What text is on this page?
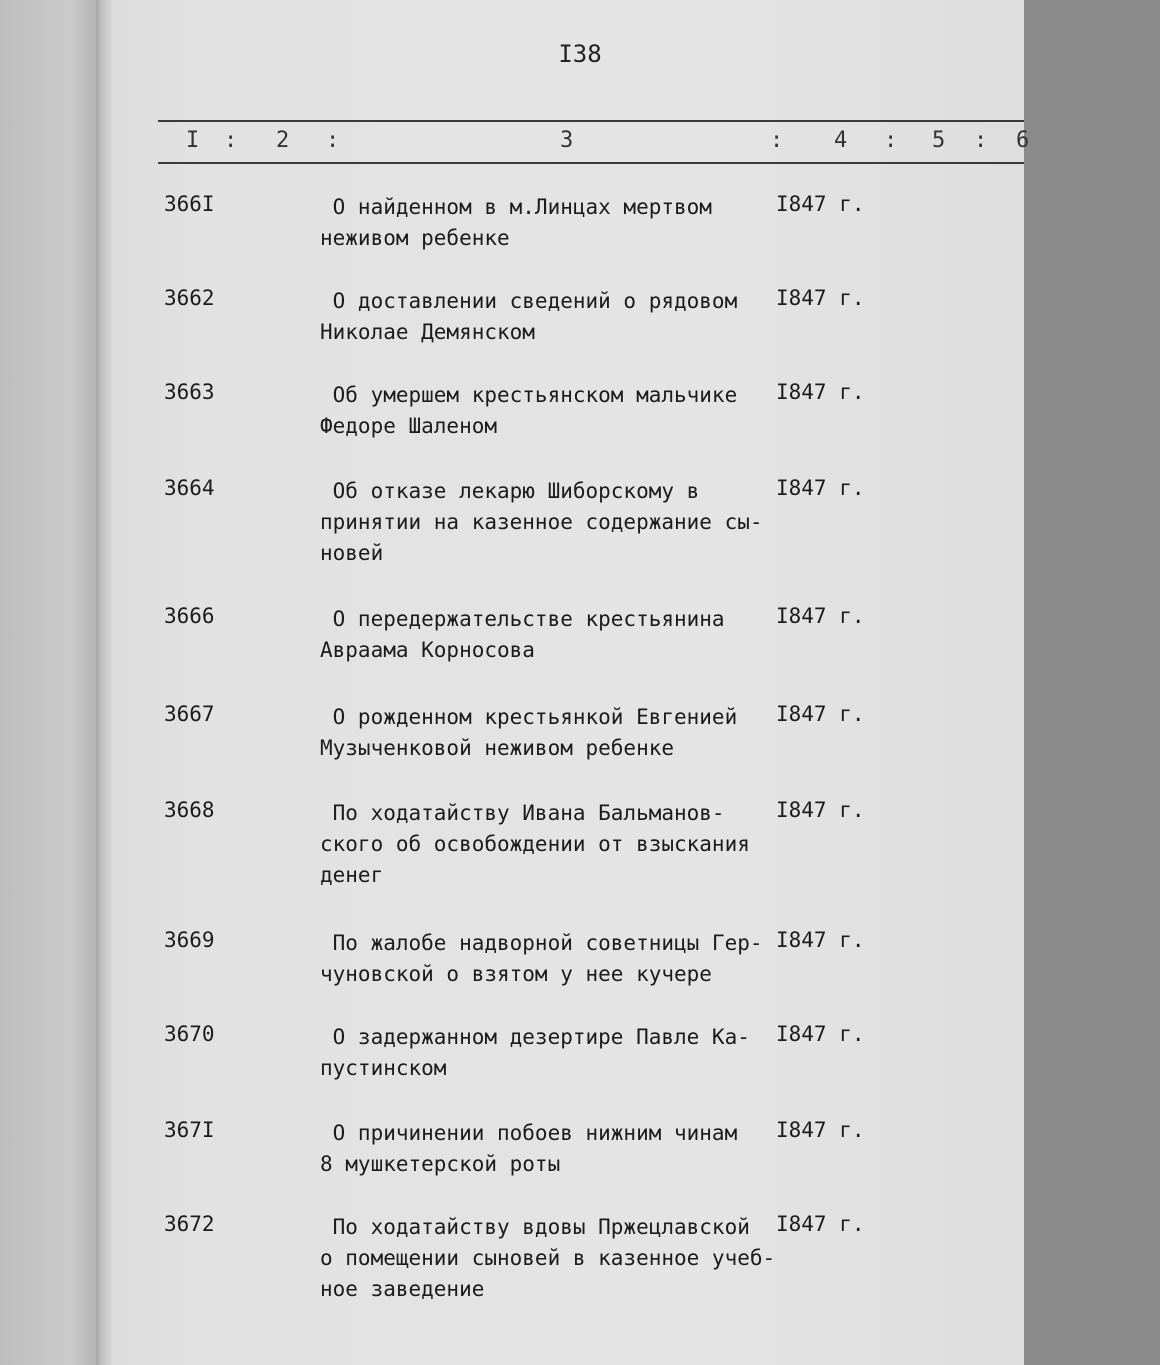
I38
I : 2 :	3	: 4 : 5 : 6
366I	О найденном в м.Линцах мертвом
неживом ребенке
I847 г.
3662	О доставлении сведений о рядовом
Николае Демянском
I847 г.
3663	Об умершем крестьянском мальчике
Федоре Шаленом
I847 г.
3664	Об отказе лекарю Шиборскому в
принятии на казенное содержание сы-
новей
I847 г.
3666	О передержательстве крестьянина
Авраама Корносова
I847 г.
3667	О рожденном крестьянкой Евгенией
Музыченковой неживом ребенке
I847 г.
3668	По ходатайству Ивана Бальманов-
ского об освобождении от взыскания
денег
I847 г.
3669	По жалобе надворной советницы Гер-
чуновской о взятом у нее кучере
I847 г.
3670	О задержанном дезертире Павле Ка-
пустинском
I847 г.
367I	О причинении побоев нижним чинам
8 мушкетерской роты
I847 г.
3672	По ходатайству вдовы Пржецлавской
о помещении сыновей в казенное учеб-
ное заведение
I847 г.
